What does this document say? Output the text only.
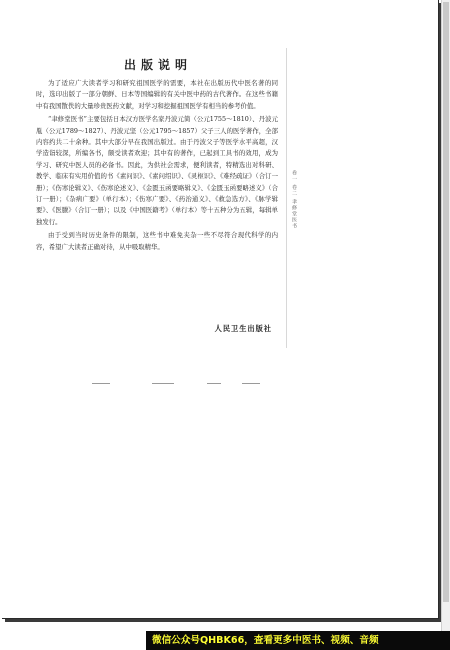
出版说明

为了适应广大读者学习和研究祖国医学的需要，本社在出版历代中医名著的同时，选印出版了一部分朝鲜、日本等国编辑的有关中医中药的古代著作。在这些书籍中有我国散佚的大量珍贵医药文献，对学习和挖掘祖国医学有相当的参考价值。

“聿修堂医书”主要包括日本汉方医学名家丹波元简（公元1755～1810）、丹波元胤（公元1789～1827）、丹波元坚（公元1795～1857）父子三人的医学著作，全部内容约共二十余种。其中大部分早在我国出版过。由于丹波父子等医学水平高超，汉学造诣较深，所编各书，颇受读者欢迎；其中有的著作，已起到工具书的效用，成为学习、研究中医人员的必备书。因此，为供社会需求，便利读者，特精选出对科研、教学、临床有实用价值的书《素问识》、《素问绍识》、《灵枢识》、《难经疏证》（合订一册）；《伤寒论辑义》、《伤寒论述义》、《金匮玉函要略辑义》、《金匮玉函要略述义》（合订一册）；《杂病广要》（单行本）；《伤寒广要》、《药治通义》、《救急选方》、《脉学辑要》、《医賸》（合订一册）；以及《中国医籍考》（单行本）等十五种分为五辑，每辑单独发行。

由于受到当时历史条件的限制，这些书中难免夹杂一些不尽符合现代科学的内容，希望广大读者正确对待，从中吸取精华。

人民卫生出版社
卷一 卷二 聿修堂医书
微信公众号QHBK66，查看更多中医书、视频、音频
